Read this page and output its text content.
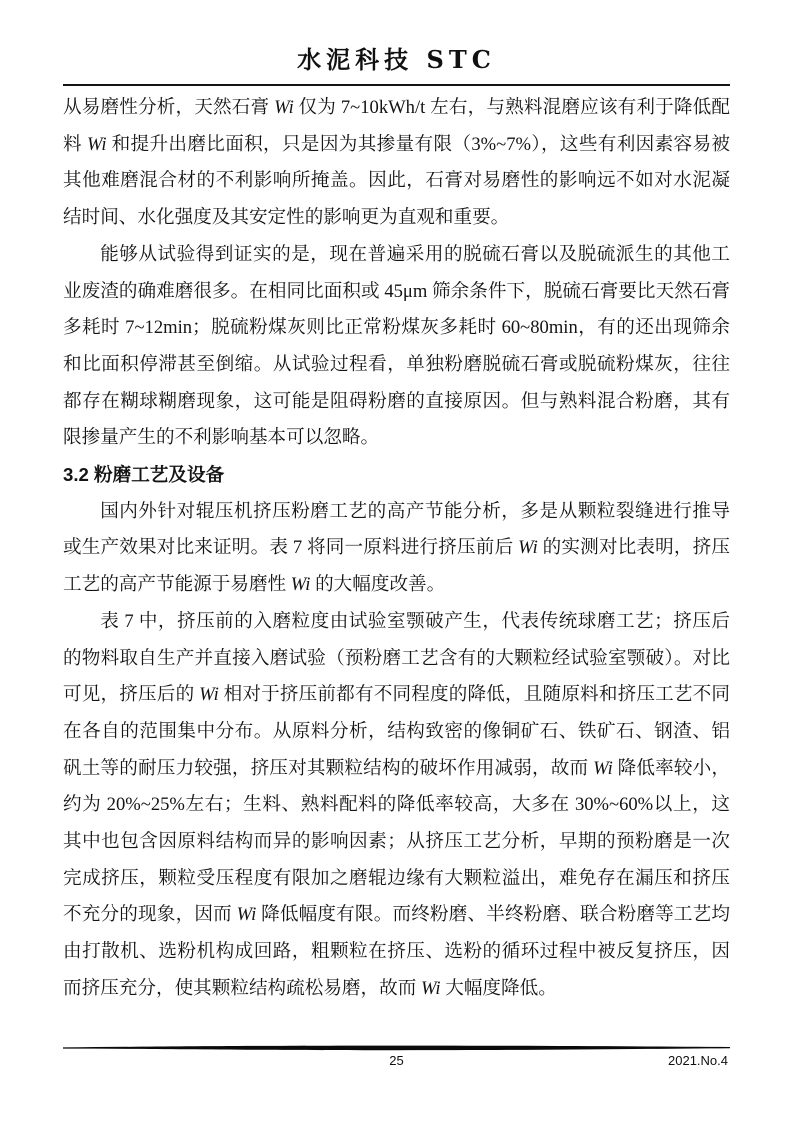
水泥科技 STC

从易磨性分析，天然石膏 Wi 仅为 7~10kWh/t 左右，与熟料混磨应该有利于降低配料 Wi 和提升出磨比面积，只是因为其掺量有限（3%~7%），这些有利因素容易被其他难磨混合材的不利影响所掩盖。因此，石膏对易磨性的影响远不如对水泥凝结时间、水化强度及其安定性的影响更为直观和重要。

能够从试验得到证实的是，现在普遍采用的脱硫石膏以及脱硫派生的其他工业废渣的确难磨很多。在相同比面积或 45μm 筛余条件下，脱硫石膏要比天然石膏多耗时 7~12min；脱硫粉煤灰则比正常粉煤灰多耗时 60~80min，有的还出现筛余和比面积停滞甚至倒缩。从试验过程看，单独粉磨脱硫石膏或脱硫粉煤灰，往往都存在糊球糊磨现象，这可能是阻碍粉磨的直接原因。但与熟料混合粉磨，其有限掺量产生的不利影响基本可以忽略。

3.2 粉磨工艺及设备

国内外针对辊压机挤压粉磨工艺的高产节能分析，多是从颗粒裂缝进行推导或生产效果对比来证明。表 7 将同一原料进行挤压前后 Wi 的实测对比表明，挤压工艺的高产节能源于易磨性 Wi 的大幅度改善。

表 7 中，挤压前的入磨粒度由试验室颚破产生，代表传统球磨工艺；挤压后的物料取自生产并直接入磨试验（预粉磨工艺含有的大颗粒经试验室颚破）。对比可见，挤压后的 Wi 相对于挤压前都有不同程度的降低，且随原料和挤压工艺不同在各自的范围集中分布。从原料分析，结构致密的像铜矿石、铁矿石、钢渣、铝矾土等的耐压力较强，挤压对其颗粒结构的破坏作用减弱，故而 Wi 降低率较小，约为 20%~25%左右；生料、熟料配料的降低率较高，大多在 30%~60%以上，这其中也包含因原料结构而异的影响因素；从挤压工艺分析，早期的预粉磨是一次完成挤压，颗粒受压程度有限加之磨辊边缘有大颗粒溢出，难免存在漏压和挤压不充分的现象，因而 Wi 降低幅度有限。而终粉磨、半终粉磨、联合粉磨等工艺均由打散机、选粉机构成回路，粗颗粒在挤压、选粉的循环过程中被反复挤压，因而挤压充分，使其颗粒结构疏松易磨，故而 Wi 大幅度降低。

25	2021.No.4
